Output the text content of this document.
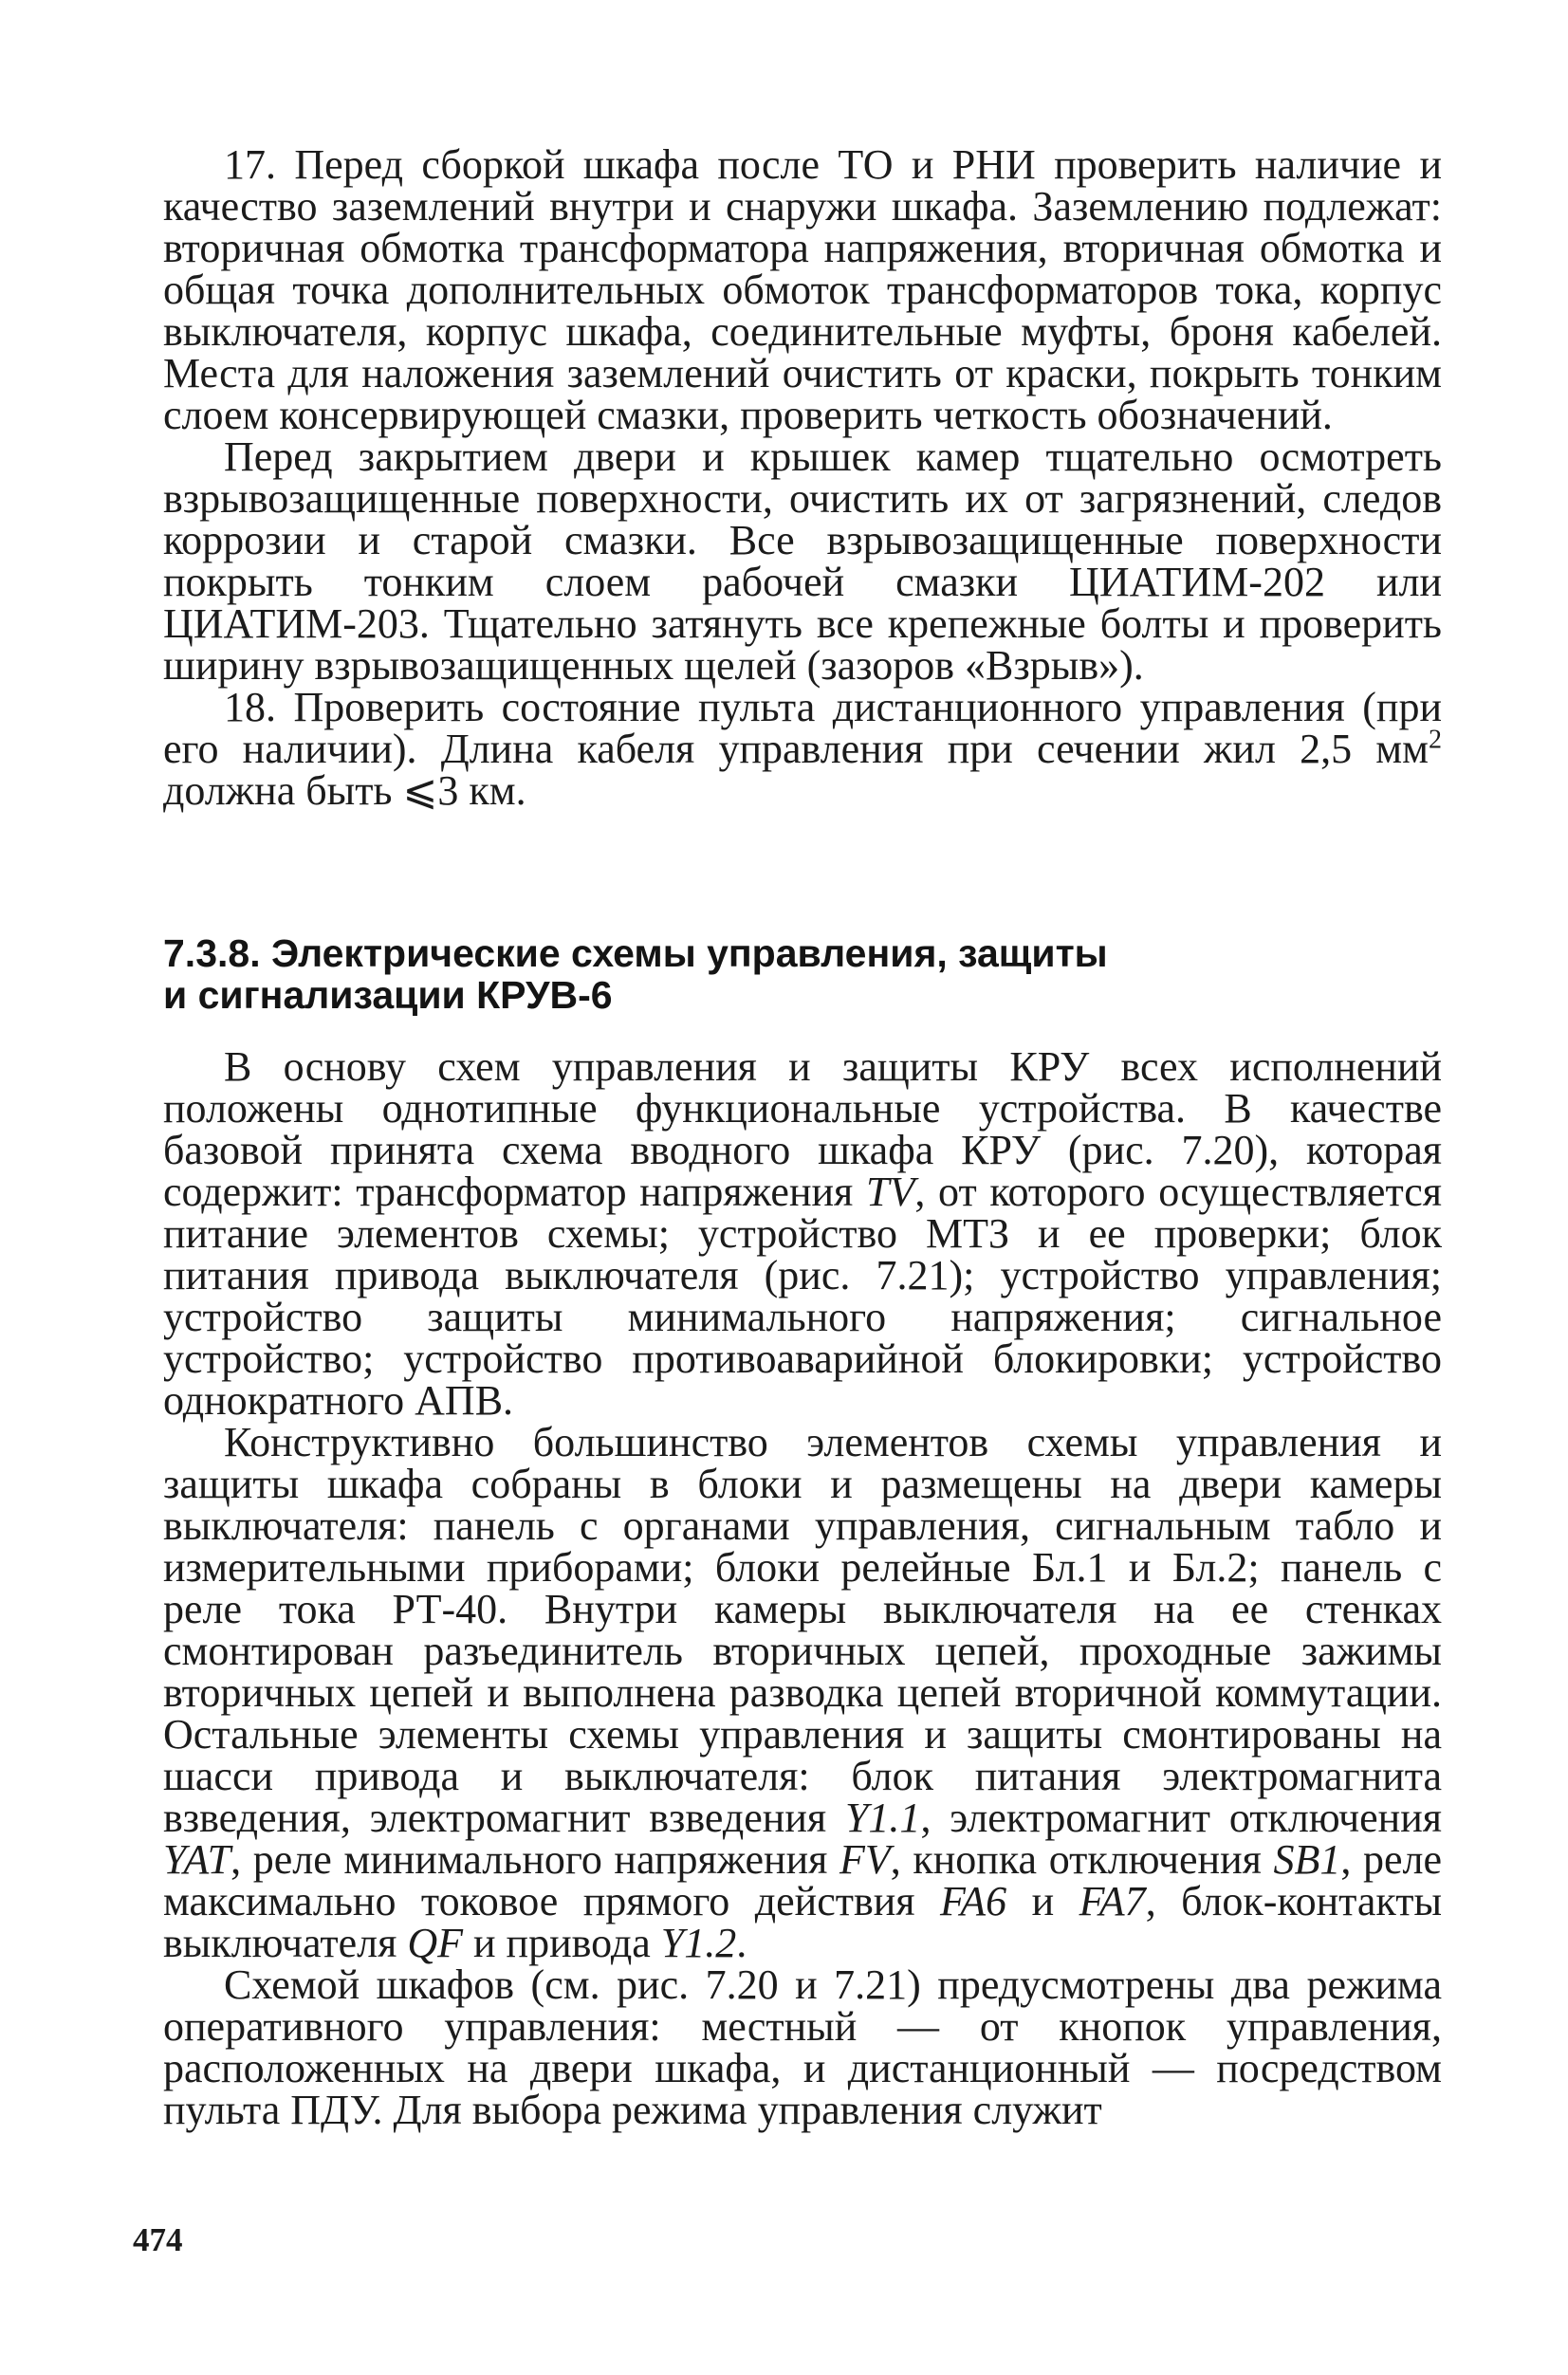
17. Перед сборкой шкафа после ТО и РНИ проверить наличие и качество заземлений внутри и снаружи шкафа. Заземлению подлежат: вторичная обмотка трансформатора напряжения, вторичная обмотка и общая точка дополнительных обмоток трансформаторов тока, корпус выключателя, корпус шкафа, соединительные муфты, броня кабелей. Места для наложения заземлений очистить от краски, покрыть тонким слоем консервирующей смазки, проверить четкость обозначений.

Перед закрытием двери и крышек камер тщательно осмотреть взрывозащищенные поверхности, очистить их от загрязнений, следов коррозии и старой смазки. Все взрывозащищенные поверхности покрыть тонким слоем рабочей смазки ЦИАТИМ-202 или ЦИАТИМ-203. Тщательно затянуть все крепежные болты и проверить ширину взрывозащищенных щелей (зазоров «Взрыв»).

18. Проверить состояние пульта дистанционного управления (при его наличии). Длина кабеля управления при сечении жил 2,5 $мм^2$ должна быть ⩽3 км.

7.3.8. Электрические схемы управления, защиты
и сигнализации КРУВ-6

В основу схем управления и защиты КРУ всех исполнений положены однотипные функциональные устройства. В качестве базовой принята схема вводного шкафа КРУ (рис. 7.20), которая содержит: трансформатор напряжения TV, от которого осуществляется питание элементов схемы; устройство МТЗ и ее проверки; блок питания привода выключателя (рис. 7.21); устройство управления; устройство защиты минимального напряжения; сигнальное устройство; устройство противоаварийной блокировки; устройство однократного АПВ.

Конструктивно большинство элементов схемы управления и защиты шкафа собраны в блоки и размещены на двери камеры выключателя: панель с органами управления, сигнальным табло и измерительными приборами; блоки релейные Бл.1 и Бл.2; панель с реле тока РТ-40. Внутри камеры выключателя на ее стенках смонтирован разъединитель вторичных цепей, проходные зажимы вторичных цепей и выполнена разводка цепей вторичной коммутации. Остальные элементы схемы управления и защиты смонтированы на шасси привода и выключателя: блок питания электромагнита взведения, электромагнит взведения Y1.1, электромагнит отключения YAT, реле минимального напряжения FV, кнопка отключения SB1, реле максимально токовое прямого действия FA6 и FA7, блок-контакты выключателя QF и привода Y1.2.

Схемой шкафов (см. рис. 7.20 и 7.21) предусмотрены два режима оперативного управления: местный — от кнопок управления, расположенных на двери шкафа, и дистанционный — посредством пульта ПДУ. Для выбора режима управления служит

474
